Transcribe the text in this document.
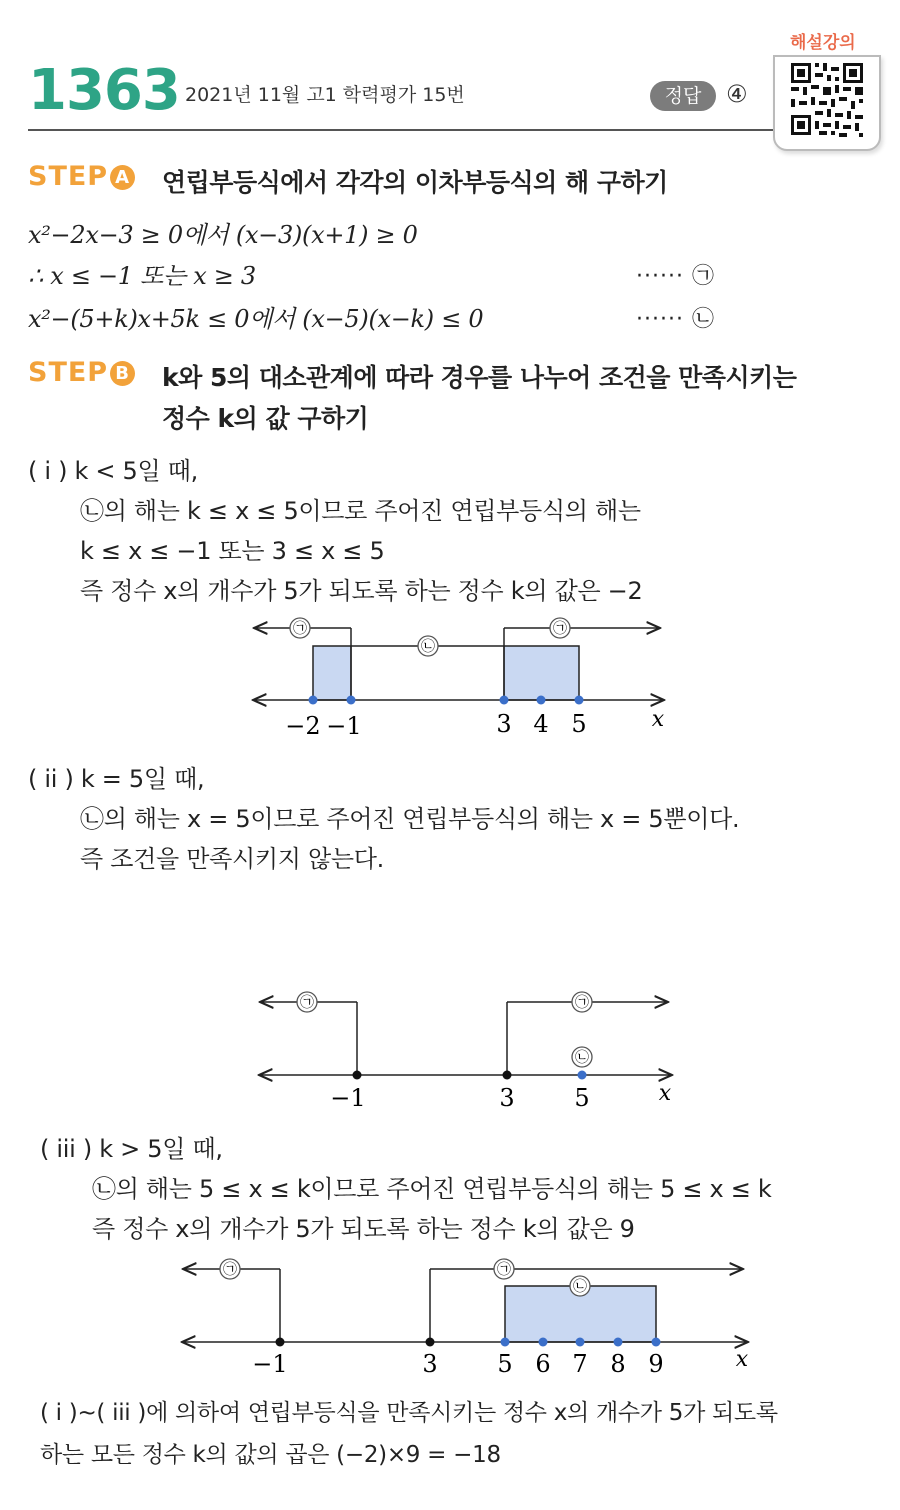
1363 2021년 11월 고1 학력평가 15번	정답	④
해설강의
STEP A 연립부등식에서 각각의 이차부등식의 해 구하기
x²−2x−3 ≥ 0에서 (x−3)(x+1) ≥ 0
∴ x ≤ −1 또는 x ≥ 3	······ ㉠
x²−(5+k)x+5k ≤ 0에서 (x−5)(x−k) ≤ 0	······ ㉡
STEP B k와 5의 대소관계에 따라 경우를 나누어 조건을 만족시키는
정수 k의 값 구하기
( i ) k < 5일 때,
㉡의 해는 k ≤ x ≤ 5이므로 주어진 연립부등식의 해는
k ≤ x ≤ −1 또는 3 ≤ x ≤ 5
즉 정수 x의 개수가 5가 되도록 하는 정수 k의 값은 −2
㉠	㉠
㉡
−2 −1	3 4 5	x
( ii ) k = 5일 때,
㉡의 해는 x = 5이므로 주어진 연립부등식의 해는 x = 5뿐이다.
즉 조건을 만족시키지 않는다.
㉠	㉠
㉡
−1	3 5	x
( iii ) k > 5일 때,
㉡의 해는 5 ≤ x ≤ k이므로 주어진 연립부등식의 해는 5 ≤ x ≤ k
즉 정수 x의 개수가 5가 되도록 하는 정수 k의 값은 9
㉠	㉠
㉡
−1	3 5 6 7 8 9	x
( i )~( iii )에 의하여 연립부등식을 만족시키는 정수 x의 개수가 5가 되도록
하는 모든 정수 k의 값의 곱은 (−2)×9 = −18
